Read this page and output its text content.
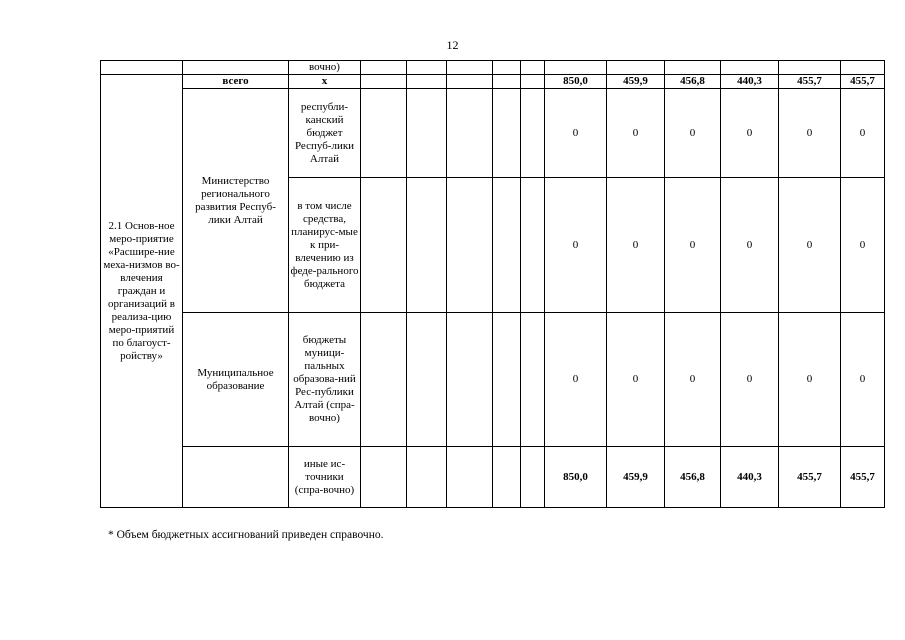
12
		вочно)											
2.1 Основ-ное меро-приятие «Расшире-ние меха-низмов во-влечения граждан и организаций в реализа-цию меро-приятий по благоуст-ройству»	всего	х						850,0	459,9	456,8	440,3	455,7	455,7
	Министерство регионального развития Респуб-лики Алтай	республи-канский бюджет Респуб-лики Алтай						0	0	0	0	0	0
		в том числе средства, планирус-мые к при-влечению из феде-рального бюджета						0	0	0	0	0	0
	Муниципальное образование	бюджеты муници-пальных образова-ний Рес-публики Алтай (спра-вочно)						0	0	0	0	0	0
		иные ис-точники (спра-вочно)						850,0	459,9	456,8	440,3	455,7	455,7
* Объем бюджетных ассигнований приведен справочно.
